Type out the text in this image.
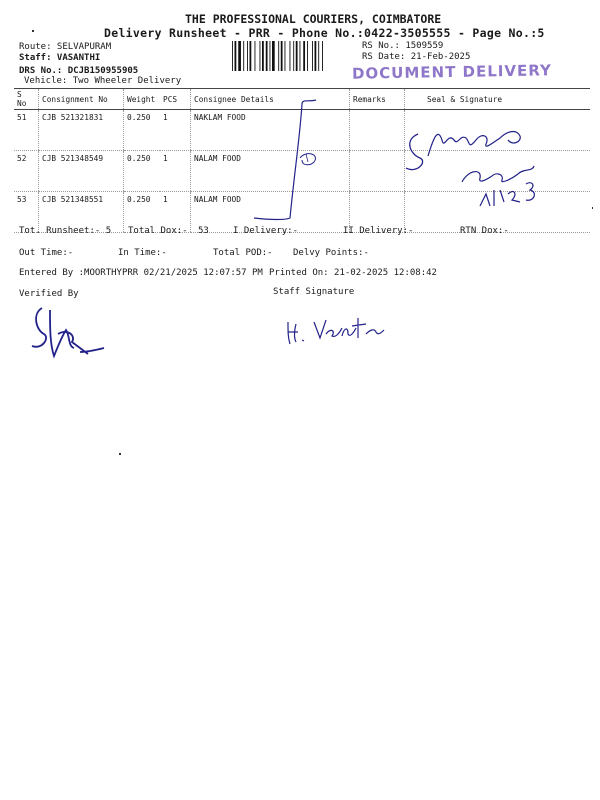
THE PROFESSIONAL COURIERS, COIMBATORE
Delivery Runsheet - PRR - Phone No.:0422-3505555 - Page No.:5
Route: SELVAPURAM
Staff: VASANTHI
DRS No.: DCJB150955905
Vehicle: Two Wheeler Delivery
RS No.: 1509559
RS Date: 21-Feb-2025
DOCUMENT DELIVERY
S No	Consignment No	Weight	PCS	Consignee Details	Remarks	Seal & Signature
51	CJB 521321831	0.250	1	NAKLAM FOOD		
52	CJB 521348549	0.250	1	NALAM FOOD		
53	CJB 521348551	0.250	1	NALAM FOOD		
Tot. Runsheet:- 5 Total Dox:- 53	I Delivery:-	II Delivery:-	RTN Dox:-
Out Time:-	In Time:-	Total POD:- Delvy Points:-
Entered By :MOORTHYPRR 02/21/2025 12:07:57 PM Printed On: 21-02-2025 12:08:42
Verified By	Staff Signature
